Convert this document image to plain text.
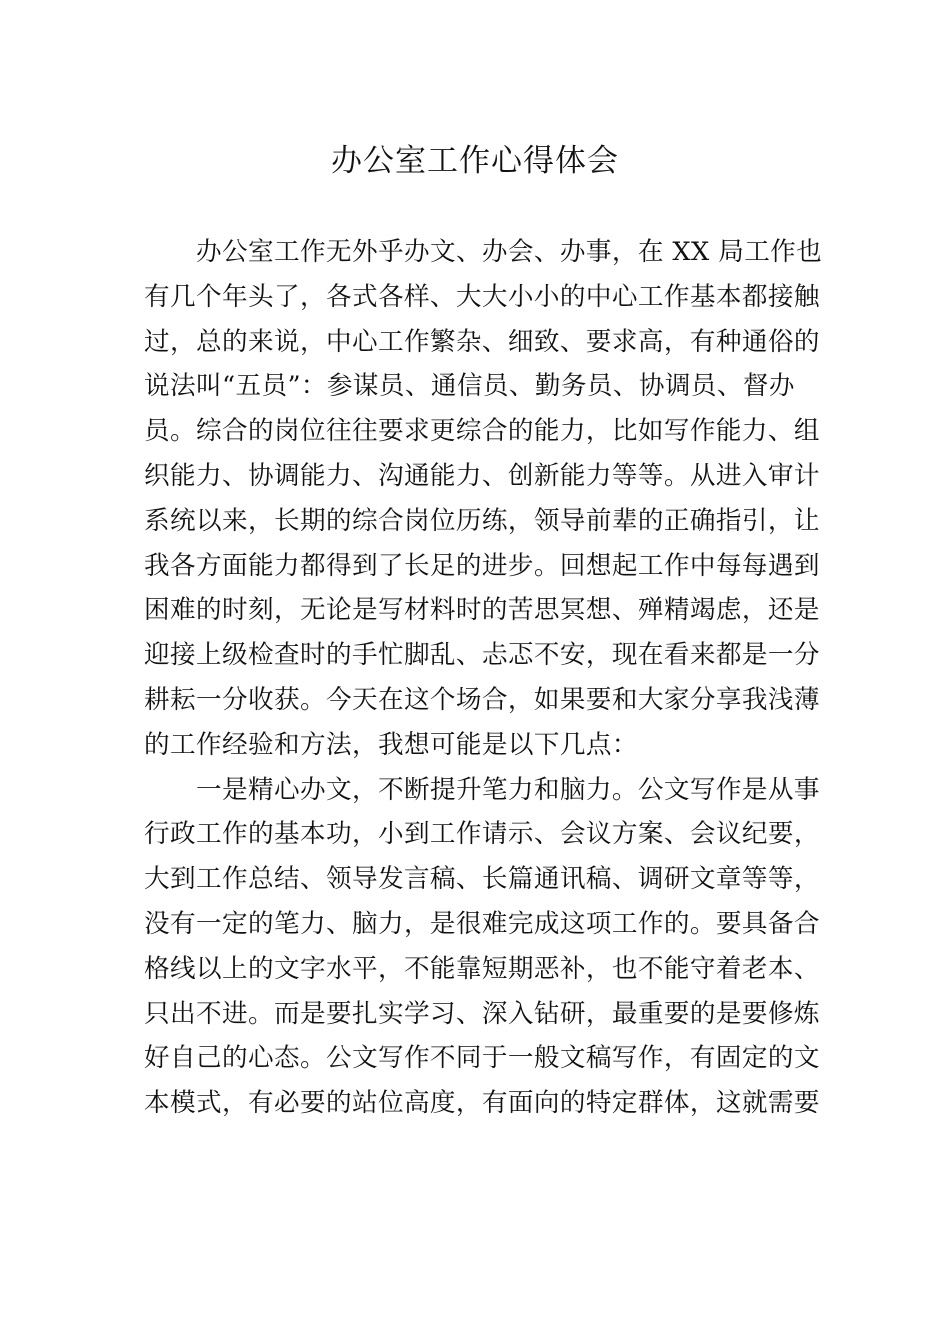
办公室工作心得体会
办公室工作无外乎办文、办会、办事，在 XX 局工作也
有几个年头了，各式各样、大大小小的中心工作基本都接触
过，总的来说，中心工作繁杂、细致、要求高，有种通俗的
说法叫“五员”：参谋员、通信员、勤务员、协调员、督办
员。综合的岗位往往要求更综合的能力，比如写作能力、组
织能力、协调能力、沟通能力、创新能力等等。从进入审计
系统以来，长期的综合岗位历练，领导前辈的正确指引，让
我各方面能力都得到了长足的进步。回想起工作中每每遇到
困难的时刻，无论是写材料时的苦思冥想、殚精竭虑，还是
迎接上级检查时的手忙脚乱、忐忑不安，现在看来都是一分
耕耘一分收获。今天在这个场合，如果要和大家分享我浅薄
的工作经验和方法，我想可能是以下几点：
一是精心办文，不断提升笔力和脑力。公文写作是从事
行政工作的基本功，小到工作请示、会议方案、会议纪要，
大到工作总结、领导发言稿、长篇通讯稿、调研文章等等，
没有一定的笔力、脑力，是很难完成这项工作的。要具备合
格线以上的文字水平，不能靠短期恶补，也不能守着老本、
只出不进。而是要扎实学习、深入钻研，最重要的是要修炼
好自己的心态。公文写作不同于一般文稿写作，有固定的文
本模式，有必要的站位高度，有面向的特定群体，这就需要
